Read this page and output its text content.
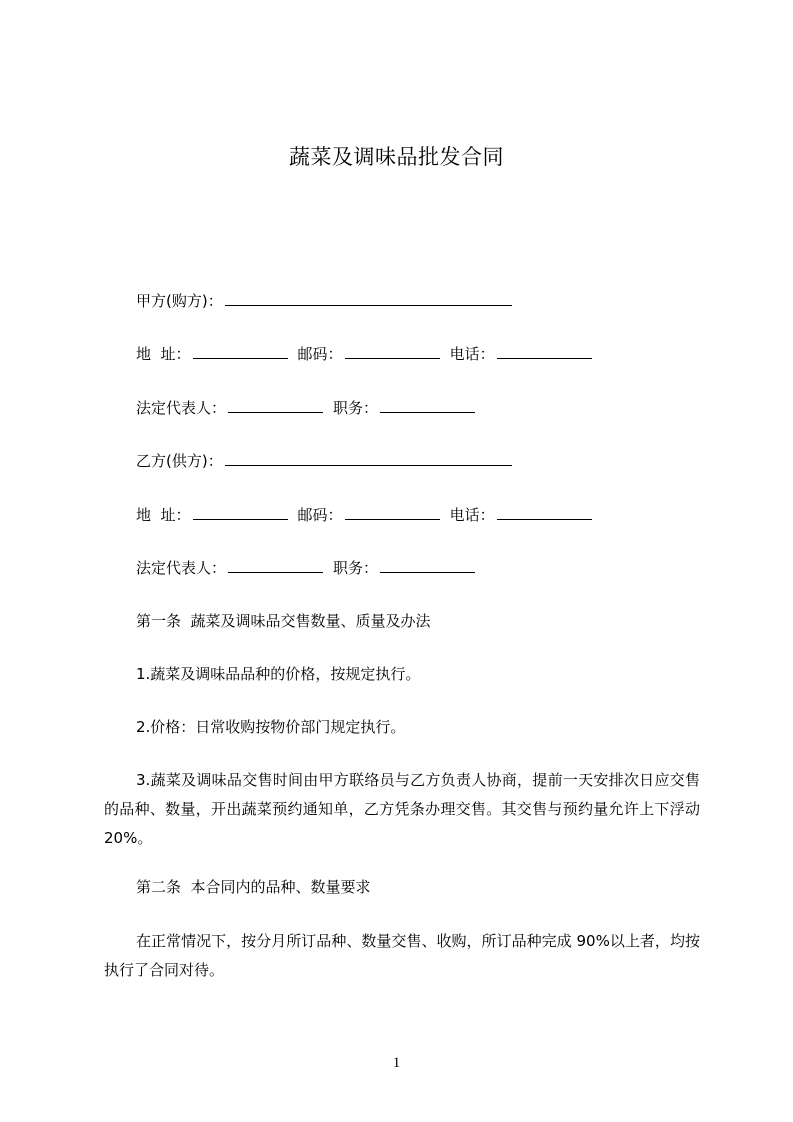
蔬菜及调味品批发合同
甲方(购方)：
地  址：	邮码：	电话：
法定代表人：	职务：
乙方(供方)：
地  址：	邮码：	电话：
法定代表人：	职务：
第一条  蔬菜及调味品交售数量、质量及办法
1.蔬菜及调味品品种的价格，按规定执行。
2.价格：日常收购按物价部门规定执行。
3.蔬菜及调味品交售时间由甲方联络员与乙方负责人协商，提前一天安排次日应交售的品种、数量，开出蔬菜预约通知单，乙方凭条办理交售。其交售与预约量允许上下浮动 20%。
第二条  本合同内的品种、数量要求
在正常情况下，按分月所订品种、数量交售、收购，所订品种完成 90%以上者，均按执行了合同对待。
1
